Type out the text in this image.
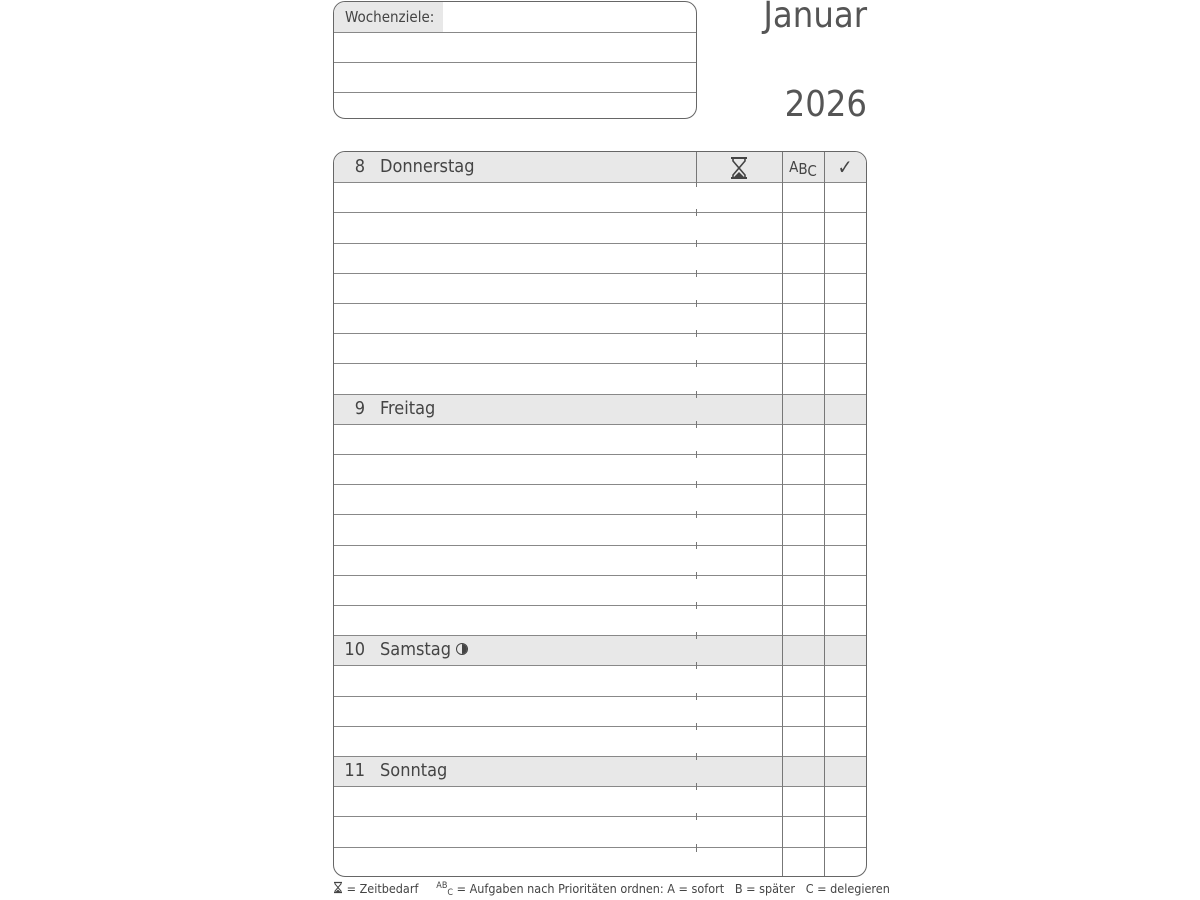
Wochenziele:	Januar
2026
8 Donnerstag
9 Freitag
10 Samstag
11 Sonntag
ABC	✓
= Zeitbedarf ABC = Aufgaben nach Prioritäten ordnen: A = sofort B = später C = delegieren
